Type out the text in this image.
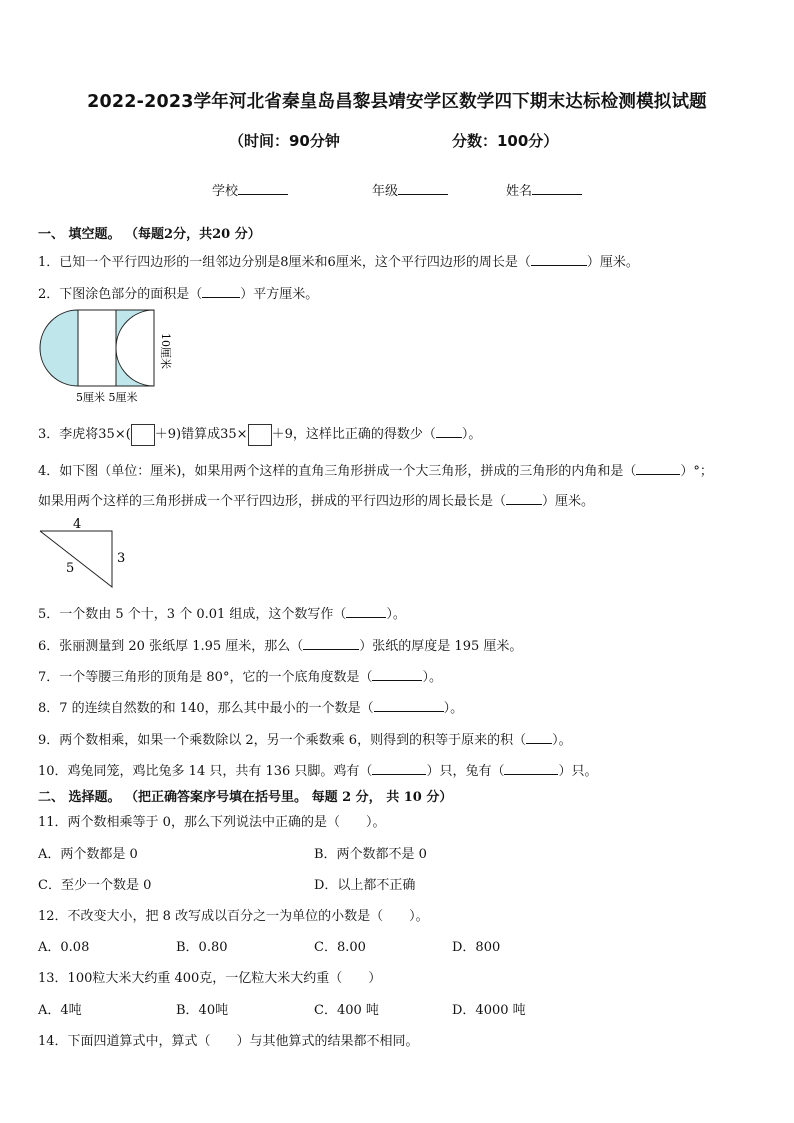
2022-2023学年河北省秦皇岛昌黎县靖安学区数学四下期末达标检测模拟试题
（时间：90分钟	分数：100分）
学校	年级	姓名
一、 填空题。 （每题2分，共20 分）
1．已知一个平行四边形的一组邻边分别是8厘米和6厘米，这个平行四边形的周长是（	）厘米。
2．下图涂色部分的面积是（	）平方厘米。
10厘米
5厘米 5厘米
3．李虎将35×( ＋9)错算成35× ＋9，这样比正确的得数少（ ）。
4．如下图（单位：厘米)，如果用两个这样的直角三角形拼成一个大三角形，拼成的三角形的内角和是（	）°；
如果用两个这样的三角形拼成一个平行四边形，拼成的平行四边形的周长最长是（	）厘米。
4
5
3
5．一个数由 5 个十，3 个 0.01 组成，这个数写作（	）。
6．张丽测量到 20 张纸厚 1.95 厘米，那么（	）张纸的厚度是 195 厘米。
7．一个等腰三角形的顶角是 80°，它的一个底角度数是（	）。
8．7 的连续自然数的和 140，那么其中最小的一个数是（	）。
9．两个数相乘，如果一个乘数除以 2，另一个乘数乘 6，则得到的积等于原来的积（ ）。
10．鸡兔同笼，鸡比兔多 14 只，共有 136 只脚。鸡有（	）只，兔有（	）只。
二、 选择题。 （把正确答案序号填在括号里。 每题 2 分， 共 10 分）
11．两个数相乘等于 0，那么下列说法中正确的是（　　）。
A．两个数都是 0	B．两个数都不是 0
C．至少一个数是 0	D．以上都不正确
12．不改变大小，把 8 改写成以百分之一为单位的小数是（　　）。
A．0.08	B．0.80	C．8.00	D．800
13．100粒大米大约重 400克，一亿粒大米大约重（　　）
A．4吨	B．40吨	C．400 吨	D．4000 吨
14．下面四道算式中，算式（　　）与其他算式的结果都不相同。
